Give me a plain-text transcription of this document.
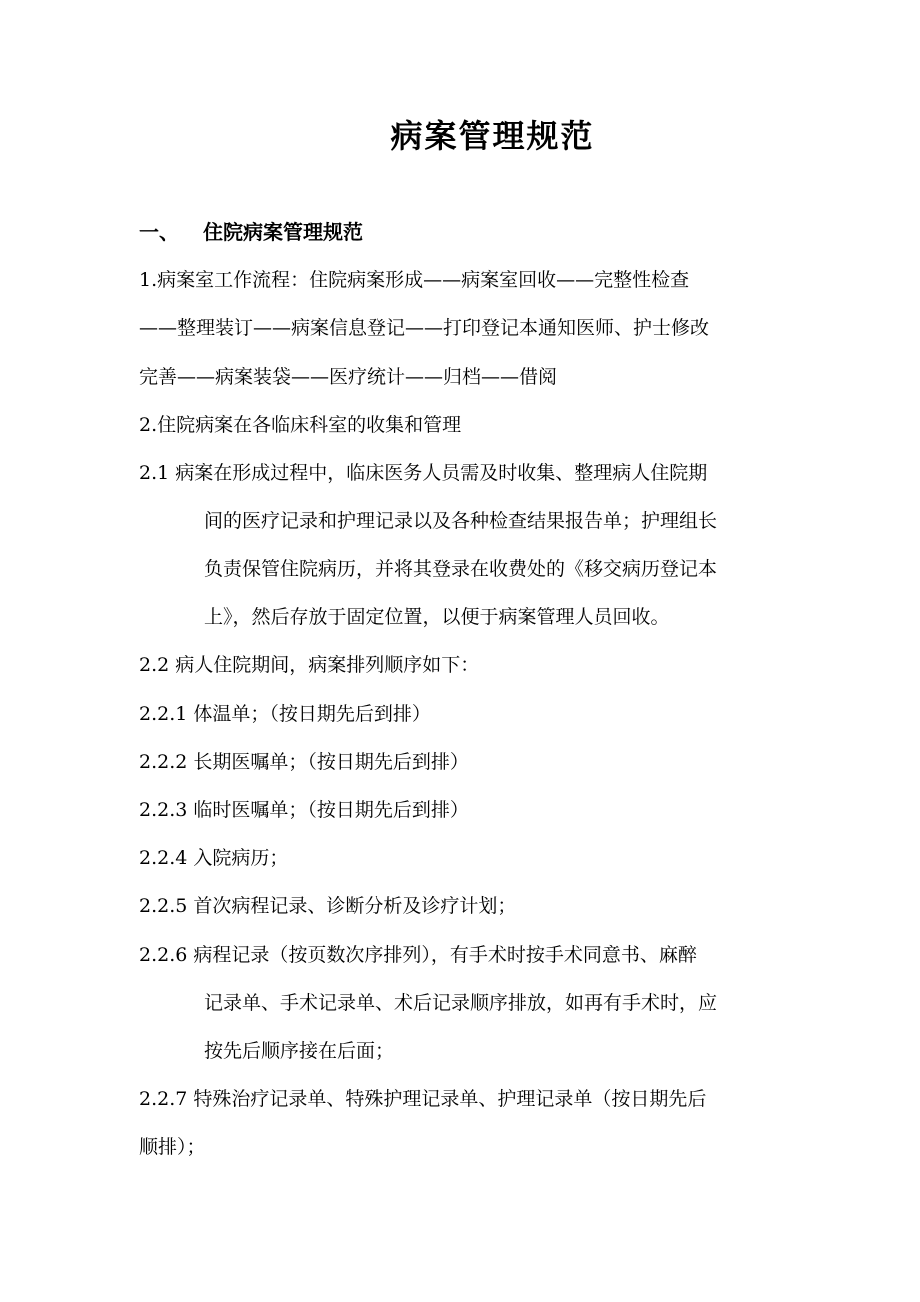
病案管理规范
一、 住院病案管理规范
1.病案室工作流程：住院病案形成——病案室回收——完整性检查
——整理装订——病案信息登记——打印登记本通知医师、护士修改
完善——病案装袋——医疗统计——归档——借阅
2.住院病案在各临床科室的收集和管理
2.1 病案在形成过程中，临床医务人员需及时收集、整理病人住院期
间的医疗记录和护理记录以及各种检查结果报告单；护理组长
负责保管住院病历，并将其登录在收费处的《移交病历登记本
上》，然后存放于固定位置，以便于病案管理人员回收。
2.2 病人住院期间，病案排列顺序如下：
2.2.1 体温单；（按日期先后到排）
2.2.2 长期医嘱单；（按日期先后到排）
2.2.3 临时医嘱单；（按日期先后到排）
2.2.4 入院病历；
2.2.5 首次病程记录、诊断分析及诊疗计划；
2.2.6 病程记录（按页数次序排列），有手术时按手术同意书、麻醉
记录单、手术记录单、术后记录顺序排放，如再有手术时，应
按先后顺序接在后面；
2.2.7 特殊治疗记录单、特殊护理记录单、护理记录单（按日期先后
顺排）；
